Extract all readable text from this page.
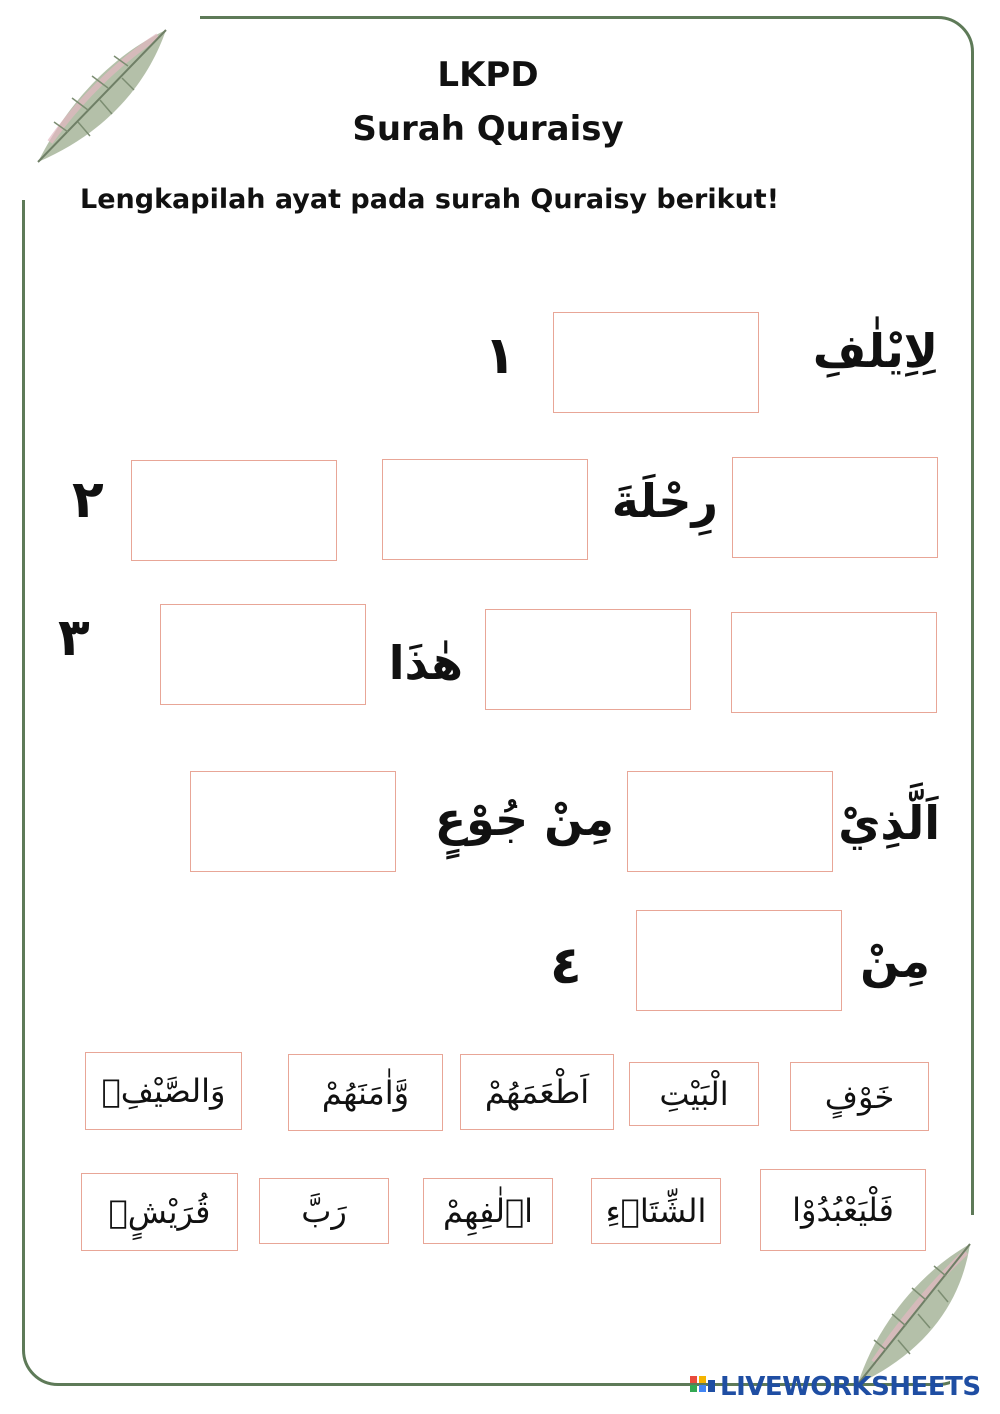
LKPD
Surah Quraisy
Lengkapilah ayat pada surah Quraisy berikut!
لِاِيْلٰفِ
١
رِحْلَةَ
٢
هٰذَا
٣
اَلَّذِيْ
مِنْ جُوْعٍ
مِنْ
٤
خَوْفٍ
الْبَيْتِ
اَطْعَمَهُمْ
وَّاٰمَنَهُمْ
وَالصَّيْفِۚ
فَلْيَعْبُدُوْا
الشِّتَاۤءِ
اٖلٰفِهِمْ
رَبَّ
قُرَيْشٍۙ
LIVEWORKSHEETS
